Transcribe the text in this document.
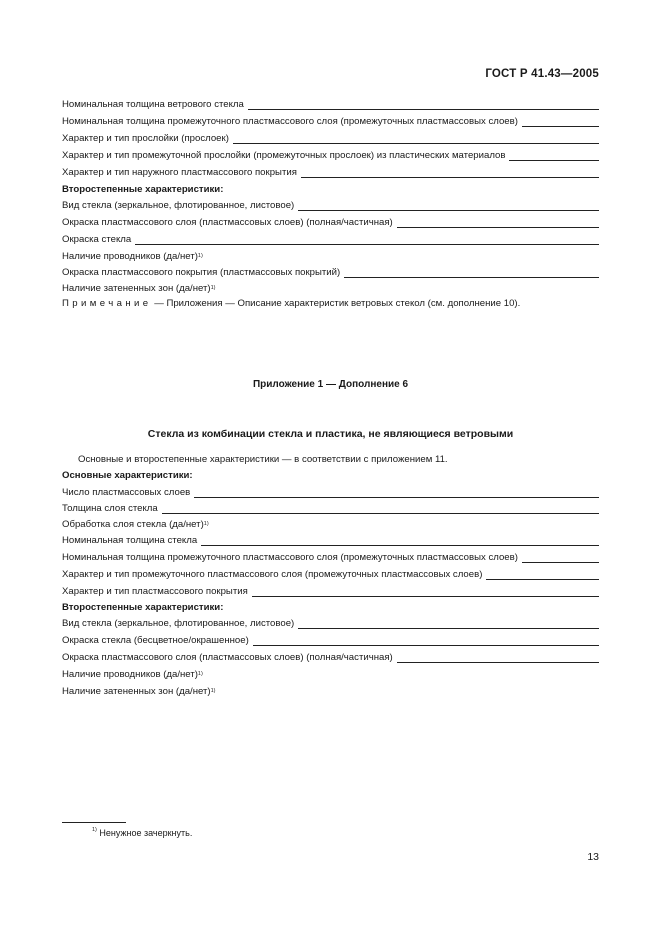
ГОСТ Р 41.43—2005
Номинальная толщина ветрового стекла
Номинальная толщина промежуточного пластмассового слоя (промежуточных пластмассовых слоев)
Характер и тип прослойки (прослоек)
Характер и тип промежуточной прослойки (промежуточных прослоек) из пластических материалов
Характер и тип наружного пластмассового покрытия
Второстепенные характеристики:
Вид стекла (зеркальное, флотированное, листовое)
Окраска пластмассового слоя (пластмассовых слоев) (полная/частичная)
Окраска стекла
Наличие проводников $(да/нет)^{1)}$
Окраска пластмассового покрытия (пластмассовых покрытий)
Наличие затененных зон $(да/нет)^{1)}$
Примечание — Приложения — Описание характеристик ветровых стекол (см. дополнение 10).
Приложение 1 — Дополнение 6
Стекла из комбинации стекла и пластика, не являющиеся ветровыми
Основные и второстепенные характеристики — в соответствии с приложением 11.
Основные характеристики:
Число пластмассовых слоев
Толщина слоя стекла
Обработка слоя стекла $(да/нет)^{1)}$
Номинальная толщина стекла
Номинальная толщина промежуточного пластмассового слоя (промежуточных пластмассовых слоев)
Характер и тип промежуточного пластмассового слоя (промежуточных пластмассовых слоев)
Характер и тип пластмассового покрытия
Второстепенные характеристики:
Вид стекла (зеркальное, флотированное, листовое)
Окраска стекла (бесцветное/окрашенное)
Окраска пластмассового слоя (пластмассовых слоев) (полная/частичная)
Наличие проводников $(да/нет)^{1)}$
Наличие затененных зон $(да/нет)^{1)}$
$^{1)}$ Ненужное зачеркнуть.
13
